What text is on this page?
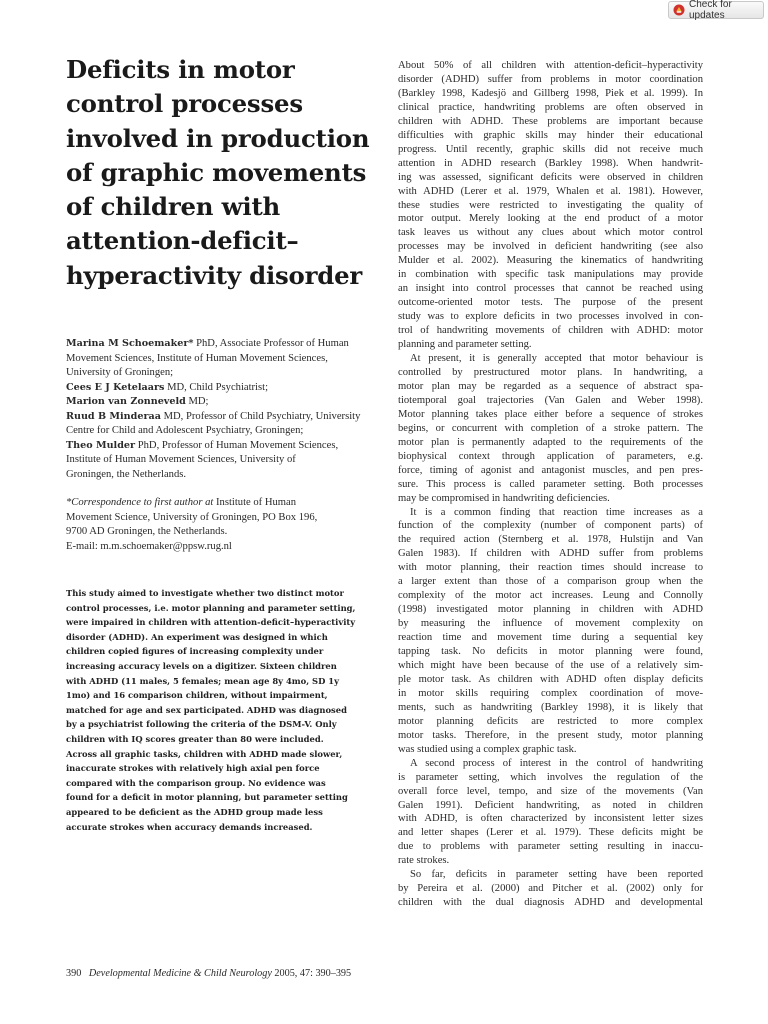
Check for updates
Deficits in motor
control processes
involved in production
of graphic movements
of children with
attention-deficit–
hyperactivity disorder
Marina M Schoemaker* PhD, Associate Professor of Human
Movement Sciences, Institute of Human Movement Sciences,
University of Groningen;
Cees E J Ketelaars MD, Child Psychiatrist;
Marion van Zonneveld MD;
Ruud B Minderaa MD, Professor of Child Psychiatry, University
Centre for Child and Adolescent Psychiatry, Groningen;
Theo Mulder PhD, Professor of Human Movement Sciences,
Institute of Human Movement Sciences, University of
Groningen, the Netherlands.
*Correspondence to first author at Institute of Human
Movement Science, University of Groningen, PO Box 196,
9700 AD Groningen, the Netherlands.
E-mail: m.m.schoemaker@ppsw.rug.nl
This study aimed to investigate whether two distinct motor
control processes, i.e. motor planning and parameter setting,
were impaired in children with attention-deficit–hyperactivity
disorder (ADHD). An experiment was designed in which
children copied figures of increasing complexity under
increasing accuracy levels on a digitizer. Sixteen children
with ADHD (11 males, 5 females; mean age 8y 4mo, SD 1y
1mo) and 16 comparison children, without impairment,
matched for age and sex participated. ADHD was diagnosed
by a psychiatrist following the criteria of the DSM-V. Only
children with IQ scores greater than 80 were included.
Across all graphic tasks, children with ADHD made slower,
inaccurate strokes with relatively high axial pen force
compared with the comparison group. No evidence was
found for a deficit in motor planning, but parameter setting
appeared to be deficient as the ADHD group made less
accurate strokes when accuracy demands increased.
About 50% of all children with attention-deficit–hyperactivity
disorder (ADHD) suffer from problems in motor coordination
(Barkley 1998, Kadesjö and Gillberg 1998, Piek et al. 1999). In
clinical practice, handwriting problems are often observed in
children with ADHD. These problems are important because
difficulties with graphic skills may hinder their educational
progress. Until recently, graphic skills did not receive much
attention in ADHD research (Barkley 1998). When handwrit-
ing was assessed, significant deficits were observed in children
with ADHD (Lerer et al. 1979, Whalen et al. 1981). However,
these studies were restricted to investigating the quality of
motor output. Merely looking at the end product of a motor
task leaves us without any clues about which motor control
processes may be involved in deficient handwriting (see also
Mulder et al. 2002). Measuring the kinematics of handwriting
in combination with specific task manipulations may provide
an insight into control processes that cannot be reached using
outcome-oriented motor tests. The purpose of the present
study was to explore deficits in two processes involved in con-
trol of handwriting movements of children with ADHD: motor
planning and parameter setting.
At present, it is generally accepted that motor behaviour is
controlled by prestructured motor plans. In handwriting, a
motor plan may be regarded as a sequence of abstract spa-
tiotemporal goal trajectories (Van Galen and Weber 1998).
Motor planning takes place either before a sequence of strokes
begins, or concurrent with completion of a stroke pattern. The
motor plan is permanently adapted to the requirements of the
biophysical context through application of parameters, e.g.
force, timing of agonist and antagonist muscles, and pen pres-
sure. This process is called parameter setting. Both processes
may be compromised in handwriting deficiencies.
It is a common finding that reaction time increases as a
function of the complexity (number of component parts) of
the required action (Sternberg et al. 1978, Hulstijn and Van
Galen 1983). If children with ADHD suffer from problems
with motor planning, their reaction times should increase to
a larger extent than those of a comparison group when the
complexity of the motor act increases. Leung and Connolly
(1998) investigated motor planning in children with ADHD
by measuring the influence of movement complexity on
reaction time and movement time during a sequential key
tapping task. No deficits in motor planning were found,
which might have been because of the use of a relatively sim-
ple motor task. As children with ADHD often display deficits
in motor skills requiring complex coordination of move-
ments, such as handwriting (Barkley 1998), it is likely that
motor planning deficits are restricted to more complex
motor tasks. Therefore, in the present study, motor planning
was studied using a complex graphic task.
A second process of interest in the control of handwriting
is parameter setting, which involves the regulation of the
overall force level, tempo, and size of the movements (Van
Galen 1991). Deficient handwriting, as noted in children
with ADHD, is often characterized by inconsistent letter sizes
and letter shapes (Lerer et al. 1979). These deficits might be
due to problems with parameter setting resulting in inaccu-
rate strokes.
So far, deficits in parameter setting have been reported
by Pereira et al. (2000) and Pitcher et al. (2002) only for
children with the dual diagnosis ADHD and developmental
390 Developmental Medicine & Child Neurology 2005, 47: 390–395
